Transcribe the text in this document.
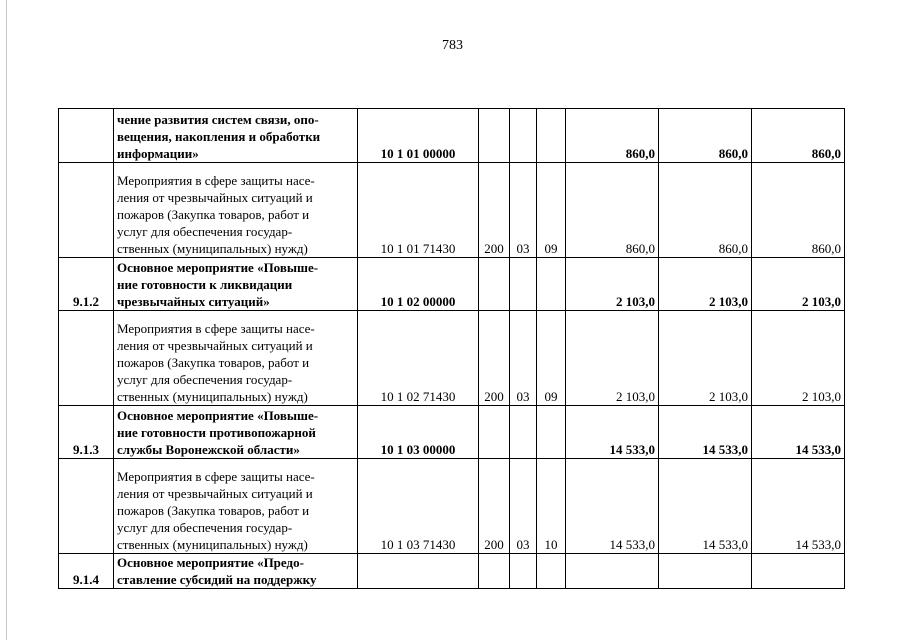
783
	чение развития систем связи, опо-
вещения, накопления и обработки
информации»	10 1 01 00000				860,0	860,0	860,0
	Мероприятия в сфере защиты насе-
ления от чрезвычайных ситуаций и
пожаров (Закупка товаров, работ и
услуг для обеспечения государ-
ственных (муниципальных) нужд)	10 1 01 71430	200	03	09	860,0	860,0	860,0
9.1.2	Основное мероприятие «Повыше-
ние готовности к ликвидации
чрезвычайных ситуаций»	10 1 02 00000				2 103,0	2 103,0	2 103,0
	Мероприятия в сфере защиты насе-
ления от чрезвычайных ситуаций и
пожаров (Закупка товаров, работ и
услуг для обеспечения государ-
ственных (муниципальных) нужд)	10 1 02 71430	200	03	09	2 103,0	2 103,0	2 103,0
9.1.3	Основное мероприятие «Повыше-
ние готовности противопожарной
службы Воронежской области»	10 1 03 00000				14 533,0	14 533,0	14 533,0
	Мероприятия в сфере защиты насе-
ления от чрезвычайных ситуаций и
пожаров (Закупка товаров, работ и
услуг для обеспечения государ-
ственных (муниципальных) нужд)	10 1 03 71430	200	03	10	14 533,0	14 533,0	14 533,0
9.1.4	Основное мероприятие «Предо-
ставление субсидий на поддержку							
